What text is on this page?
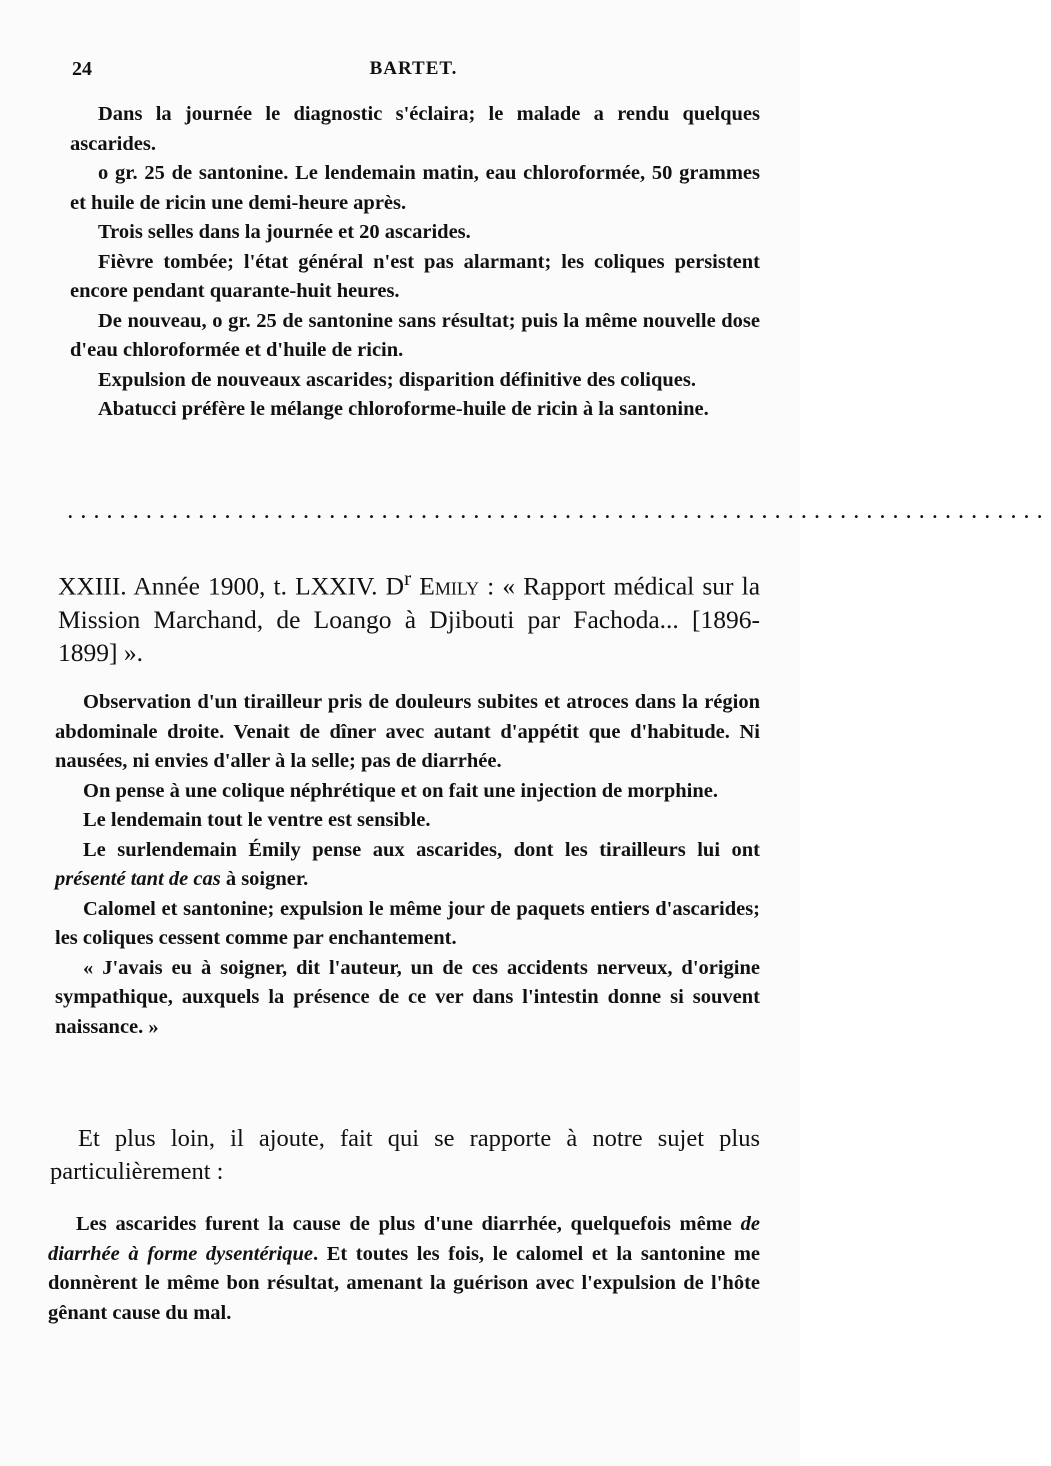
24	BARTET.

Dans la journée le diagnostic s'éclaira; le malade a rendu quelques ascarides.

o gr. 25 de santonine. Le lendemain matin, eau chloroformée, 50 grammes et huile de ricin une demi-heure après.

Trois selles dans la journée et 20 ascarides.

Fièvre tombée; l'état général n'est pas alarmant; les coliques persistent encore pendant quarante-huit heures.

De nouveau, o gr. 25 de santonine sans résultat; puis la même nouvelle dose d'eau chloroformée et d'huile de ricin.

Expulsion de nouveaux ascarides; disparition définitive des coliques.

Abatucci préfère le mélange chloroforme-huile de ricin à la santonine.

...........................................................................
XXIII. Année 1900, t. LXXIV. $D^r$ Emily : « Rapport médical sur la Mission Marchand, de Loango à Djibouti par Fachoda... [1896-1899] ».

Observation d'un tirailleur pris de douleurs subites et atroces dans la région abdominale droite. Venait de dîner avec autant d'appétit que d'habitude. Ni nausées, ni envies d'aller à la selle; pas de diarrhée.

On pense à une colique néphrétique et on fait une injection de morphine.

Le lendemain tout le ventre est sensible.

Le surlendemain Émily pense aux ascarides, dont les tirailleurs lui ont présenté tant de cas à soigner.

Calomel et santonine; expulsion le même jour de paquets entiers d'ascarides; les coliques cessent comme par enchantement.

« J'avais eu à soigner, dit l'auteur, un de ces accidents nerveux, d'origine sympathique, auxquels la présence de ce ver dans l'intestin donne si souvent naissance. »

Et plus loin, il ajoute, fait qui se rapporte à notre sujet plus particulièrement :

Les ascarides furent la cause de plus d'une diarrhée, quelquefois même de diarrhée à forme dysentérique. Et toutes les fois, le calomel et la santonine me donnèrent le même bon résultat, amenant la guérison avec l'expulsion de l'hôte gênant cause du mal.
